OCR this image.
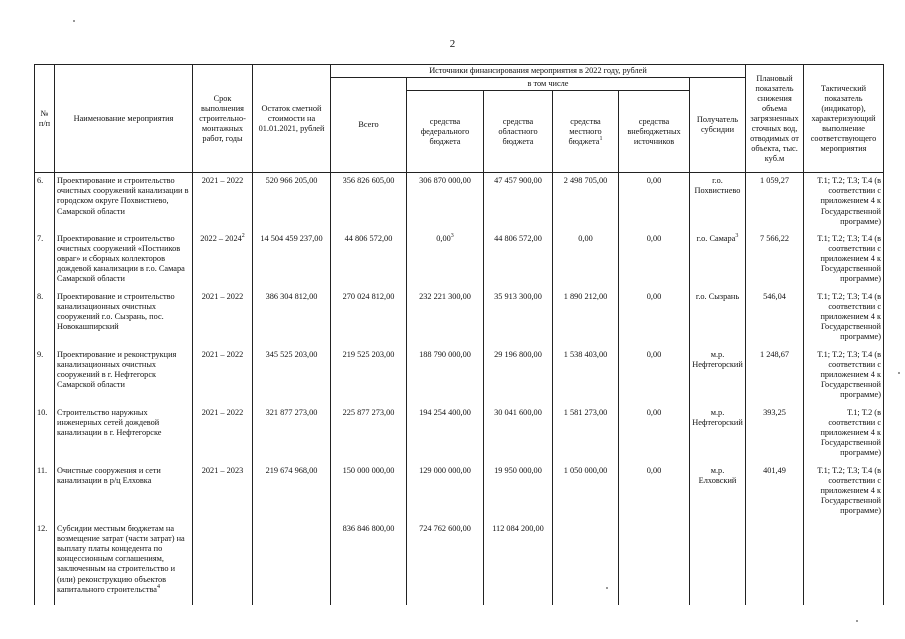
2
№ п/п	Наименование мероприятия	Срок выполнения строительно-монтажных работ, годы	Остаток сметной стоимости на 01.01.2021, рублей	Источники финансирования мероприятия в 2022 году, рублей						Плановый показатель снижения объема загрязненных сточных вод, отводимых от объекта, тыс. куб.м	Тактический показатель (индикатор), характеризующий выполнение соответствующего мероприятия
				Всего	в том числе				Получатель субсидии		
					средства федерального бюджета	средства областного бюджета	средства местного бюджета$^1$	средства внебюджетных источников			
6.	Проектирование и строительство очистных сооружений канализации в городском округе Похвистнево, Самарской области	2021 – 2022	520 966 205,00	356 826 605,00	306 870 000,00	47 457 900,00	2 498 705,00	0,00	г.о. Похвистнево	1 059,27	Т.1; Т.2; Т.3; Т.4 (в соответствии с приложением 4 к Государственной программе)
7.	Проектирование и строительство очистных сооружений «Постников овраг» и сборных коллекторов дождевой канализации в г.о. Самара Самарской области	2022 – 2024$^2$	14 504 459 237,00	44 806 572,00	0,00$^3$	44 806 572,00	0,00	0,00	г.о. Самара$^3$	7 566,22	Т.1; Т.2; Т.3; Т.4 (в соответствии с приложением 4 к Государственной программе)
8.	Проектирование и строительство канализационных очистных сооружений г.о. Сызрань, пос. Новокашпирский	2021 – 2022	386 304 812,00	270 024 812,00	232 221 300,00	35 913 300,00	1 890 212,00	0,00	г.о. Сызрань	546,04	Т.1; Т.2; Т.3; Т.4 (в соответствии с приложением 4 к Государственной программе)
9.	Проектирование и реконструкция канализационных очистных сооружений в г. Нефтегорск Самарской области	2021 – 2022	345 525 203,00	219 525 203,00	188 790 000,00	29 196 800,00	1 538 403,00	0,00	м.р. Нефтегорский	1 248,67	Т.1; Т.2; Т.3; Т.4 (в соответствии с приложением 4 к Государственной программе)
10.	Строительство наружных инженерных сетей дождевой канализации в г. Нефтегорске	2021 – 2022	321 877 273,00	225 877 273,00	194 254 400,00	30 041 600,00	1 581 273,00	0,00	м.р. Нефтегорский	393,25	Т.1; Т.2 (в соответствии с приложением 4 к Государственной программе)
11.	Очистные сооружения и сети канализации в р/ц Елховка	2021 – 2023	219 674 968,00	150 000 000,00	129 000 000,00	19 950 000,00	1 050 000,00	0,00	м.р. Елховский	401,49	Т.1; Т.2; Т.3; Т.4 (в соответствии с приложением 4 к Государственной программе)
12.	Субсидии местным бюджетам на возмещение затрат (части затрат) на выплату платы концедента по концессионным соглашениям, заключенным на строительство и (или) реконструкцию объектов капитального строительства$^4$			836 846 800,00	724 762 600,00	112 084 200,00					
